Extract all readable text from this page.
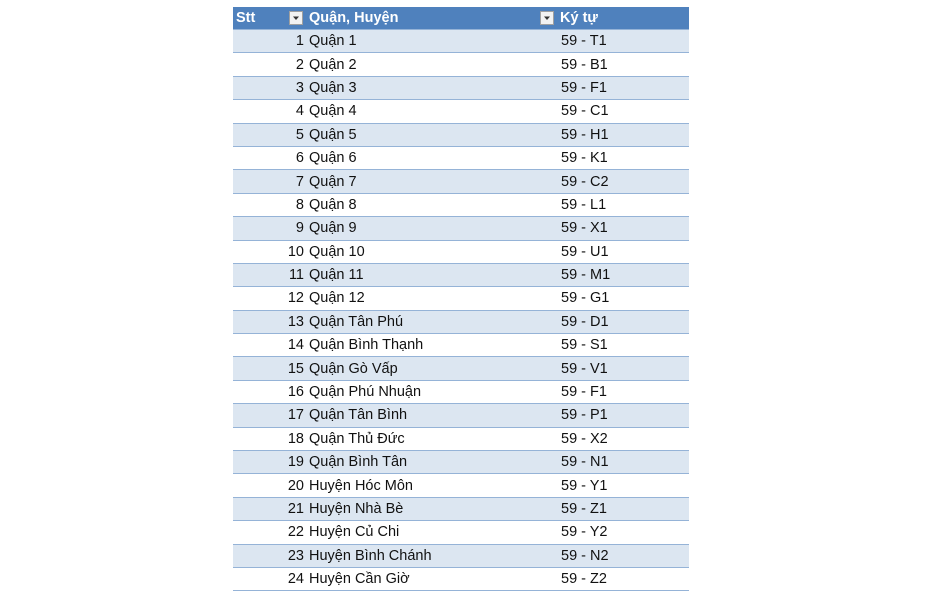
Stt	Quận, Huyện	Ký tự
1	Quận 1	59 - T1
2	Quận 2	59 - B1
3	Quận 3	59 - F1
4	Quận 4	59 - C1
5	Quận 5	59 - H1
6	Quận 6	59 - K1
7	Quận 7	59 - C2
8	Quận 8	59 - L1
9	Quận 9	59 - X1
10	Quận 10	59 - U1
11	Quận 11	59 - M1
12	Quận 12	59 - G1
13	Quận Tân Phú	59 - D1
14	Quận Bình Thạnh	59 - S1
15	Quận Gò Vấp	59 - V1
16	Quận Phú Nhuận	59 - F1
17	Quận Tân Bình	59 - P1
18	Quận Thủ Đức	59 - X2
19	Quận Bình Tân	59 - N1
20	Huyện Hóc Môn	59 - Y1
21	Huyện Nhà Bè	59 - Z1
22	Huyện Củ Chi	59 - Y2
23	Huyện Bình Chánh	59 - N2
24	Huyện Cần Giờ	59 - Z2
